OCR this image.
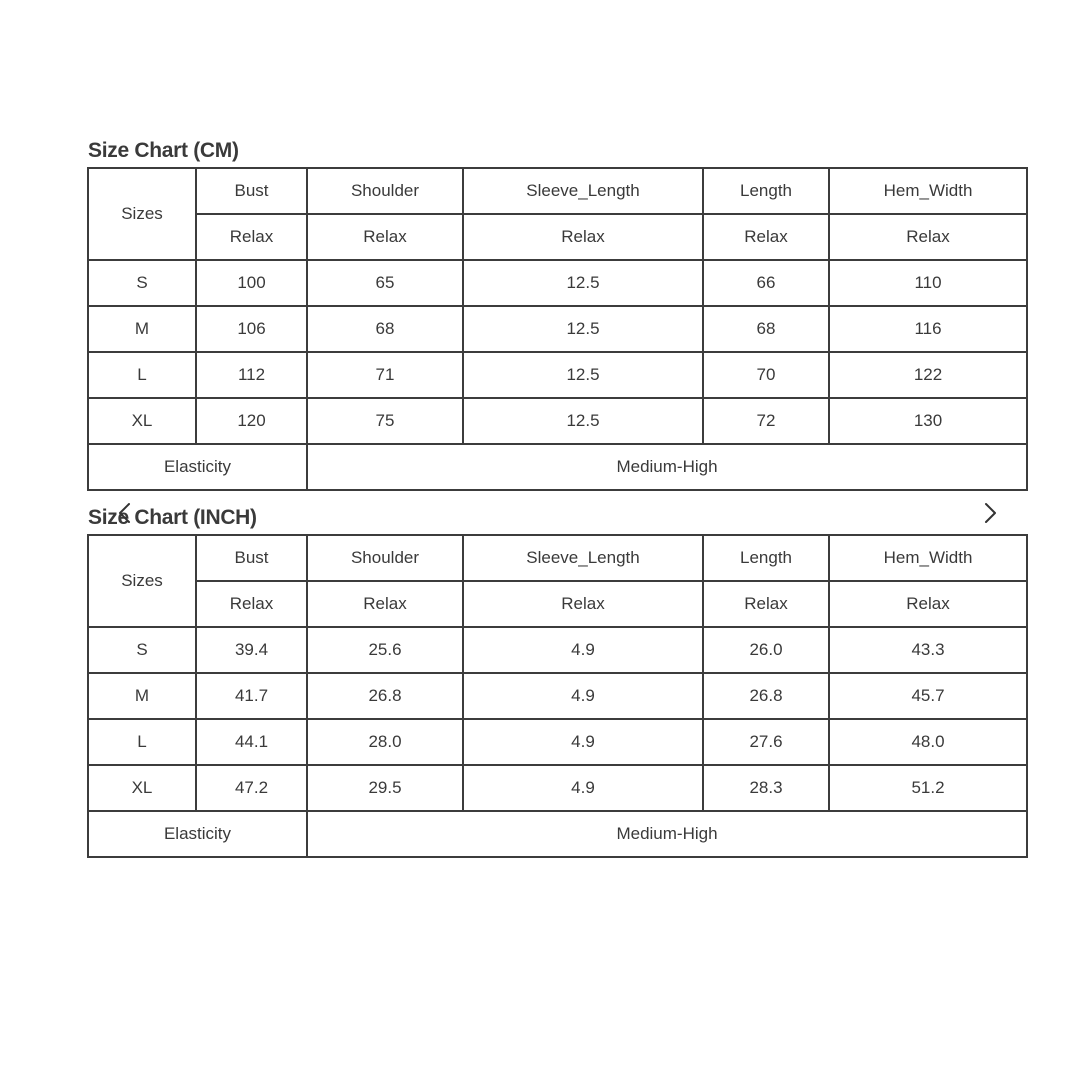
Size Chart (CM)
Sizes	Bust	Shoulder	Sleeve_Length	Length	Hem_Width
	Relax	Relax	Relax	Relax	Relax
S	100	65	12.5	66	110
M	106	68	12.5	68	116
L	112	71	12.5	70	122
XL	120	75	12.5	72	130
Elasticity		Medium-High			
Size Chart (INCH)
Sizes	Bust	Shoulder	Sleeve_Length	Length	Hem_Width
	Relax	Relax	Relax	Relax	Relax
S	39.4	25.6	4.9	26.0	43.3
M	41.7	26.8	4.9	26.8	45.7
L	44.1	28.0	4.9	27.6	48.0
XL	47.2	29.5	4.9	28.3	51.2
Elasticity		Medium-High			
